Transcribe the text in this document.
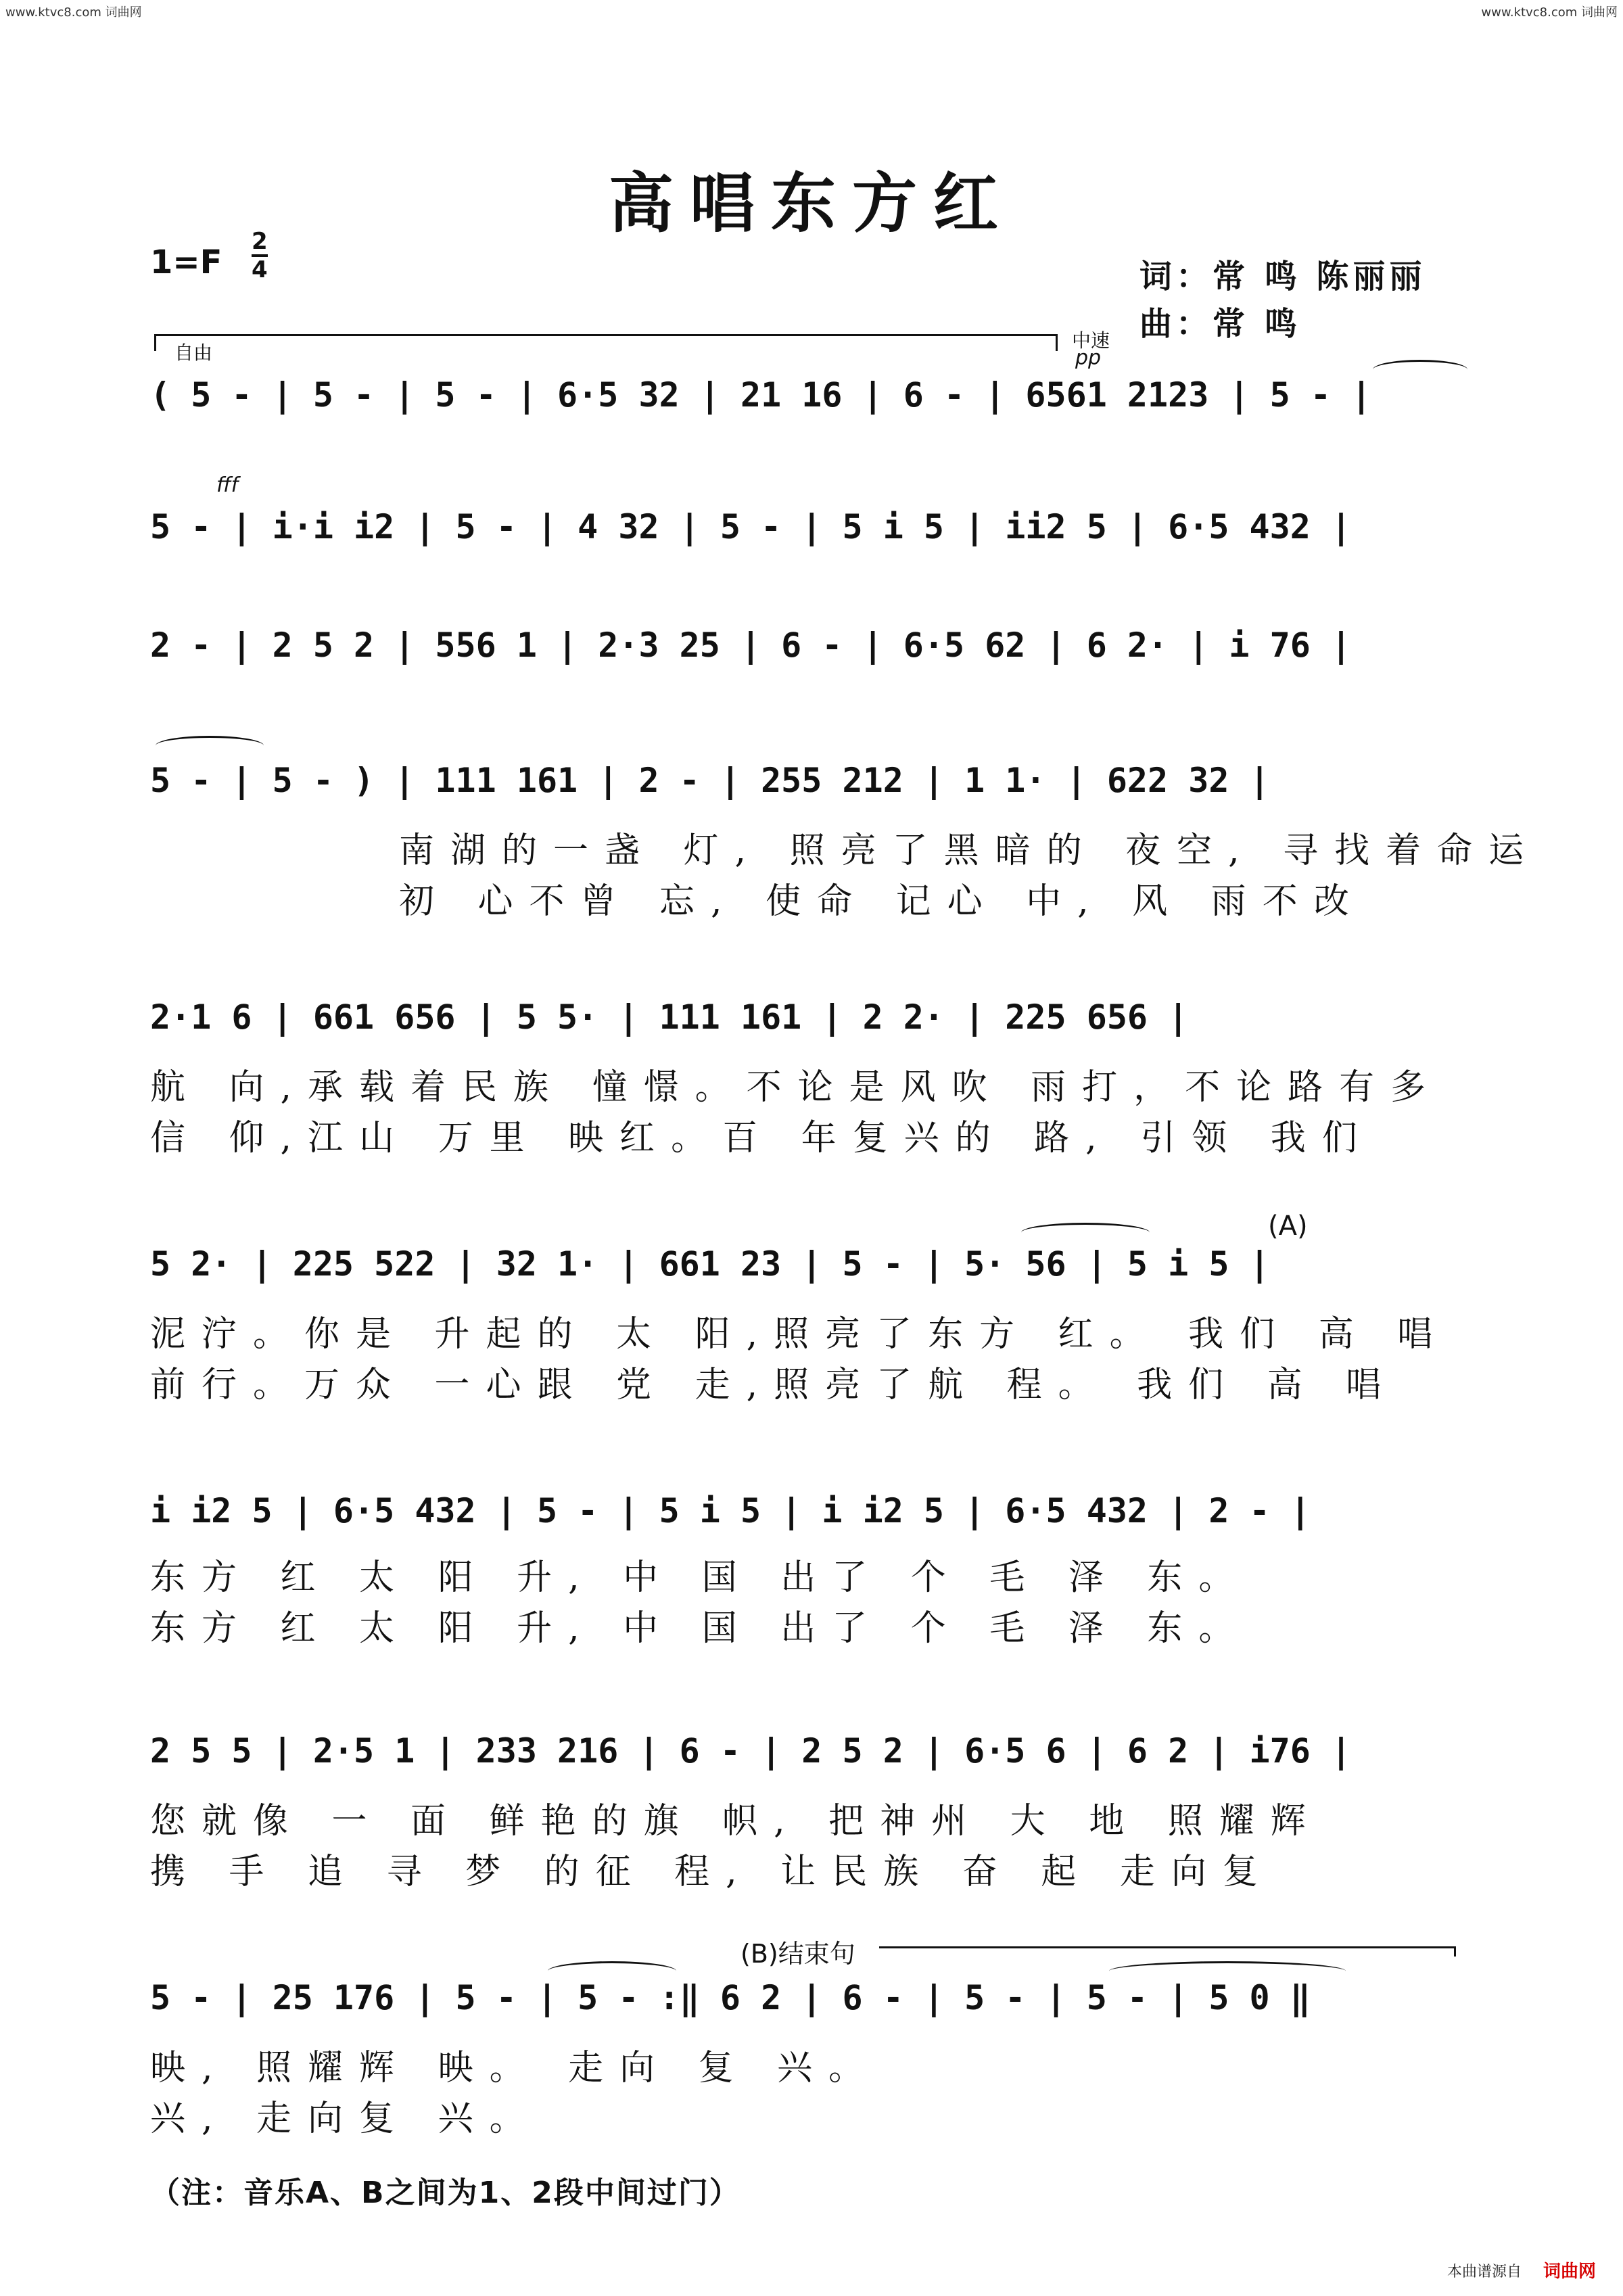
www.ktvc8.com 词曲网	www.ktvc8.com 词曲网
高唱东方红
1=F
2
4	词：常 鸣 陈丽丽
曲：常 鸣
自由
中速
pp
fff
(A)
(B)结束句
( 5 - | 5 - | 5 - | 6·5 32 | 21 16 | 6 - | 6561 2123 | 5 - |
5 - | i·i i2 | 5 - | 4 32 | 5 - | 5 i 5 | ii2 5 | 6·5 432 |
2 - | 2 5 2 | 556 1 | 2·3 25 | 6 - | 6·5 62 | 6 2· | i 76 |
5 - | 5 - ) | 111 161 | 2 - | 255 212 | 1 1· | 622 32 |
南湖的一盏 灯, 照亮了黑暗的 夜空, 寻找着命运
初 心不曾 忘, 使命 记心 中, 风 雨不改
2·1 6 | 661 656 | 5 5· | 111 161 | 2 2· | 225 656 |
航 向,承载着民族 憧憬。不论是风吹 雨打，不论路有多
信 仰,江山 万里 映红。百 年复兴的 路, 引领 我们
5 2· | 225 522 | 32 1· | 661 23 | 5 - | 5· 56 | 5 i 5 |
泥泞。你是 升起的 太 阳,照亮了东方 红。 我们 高 唱
前行。万众 一心跟 党 走,照亮了航 程。 我们 高 唱
i i2 5 | 6·5 432 | 5 - | 5 i 5 | i i2 5 | 6·5 432 | 2 - |
东方 红 太 阳 升, 中 国 出了 个 毛 泽 东。
东方 红 太 阳 升, 中 国 出了 个 毛 泽 东。
2 5 5 | 2·5 1 | 233 216 | 6 - | 2 5 2 | 6·5 6 | 6 2 | i76 |
您就像 一 面 鲜艳的旗 帜, 把神州 大 地 照耀辉
携 手 追 寻 梦 的征 程, 让民族 奋 起 走向复
5 - | 25 176 | 5 - | 5 - :‖ 6 2 | 6 - | 5 - | 5 - | 5 0 ‖
映, 照耀辉 映。 走向 复 兴。
兴, 走向复 兴。
（注：音乐A、B之间为1、2段中间过门）
本曲谱源自 词曲网
